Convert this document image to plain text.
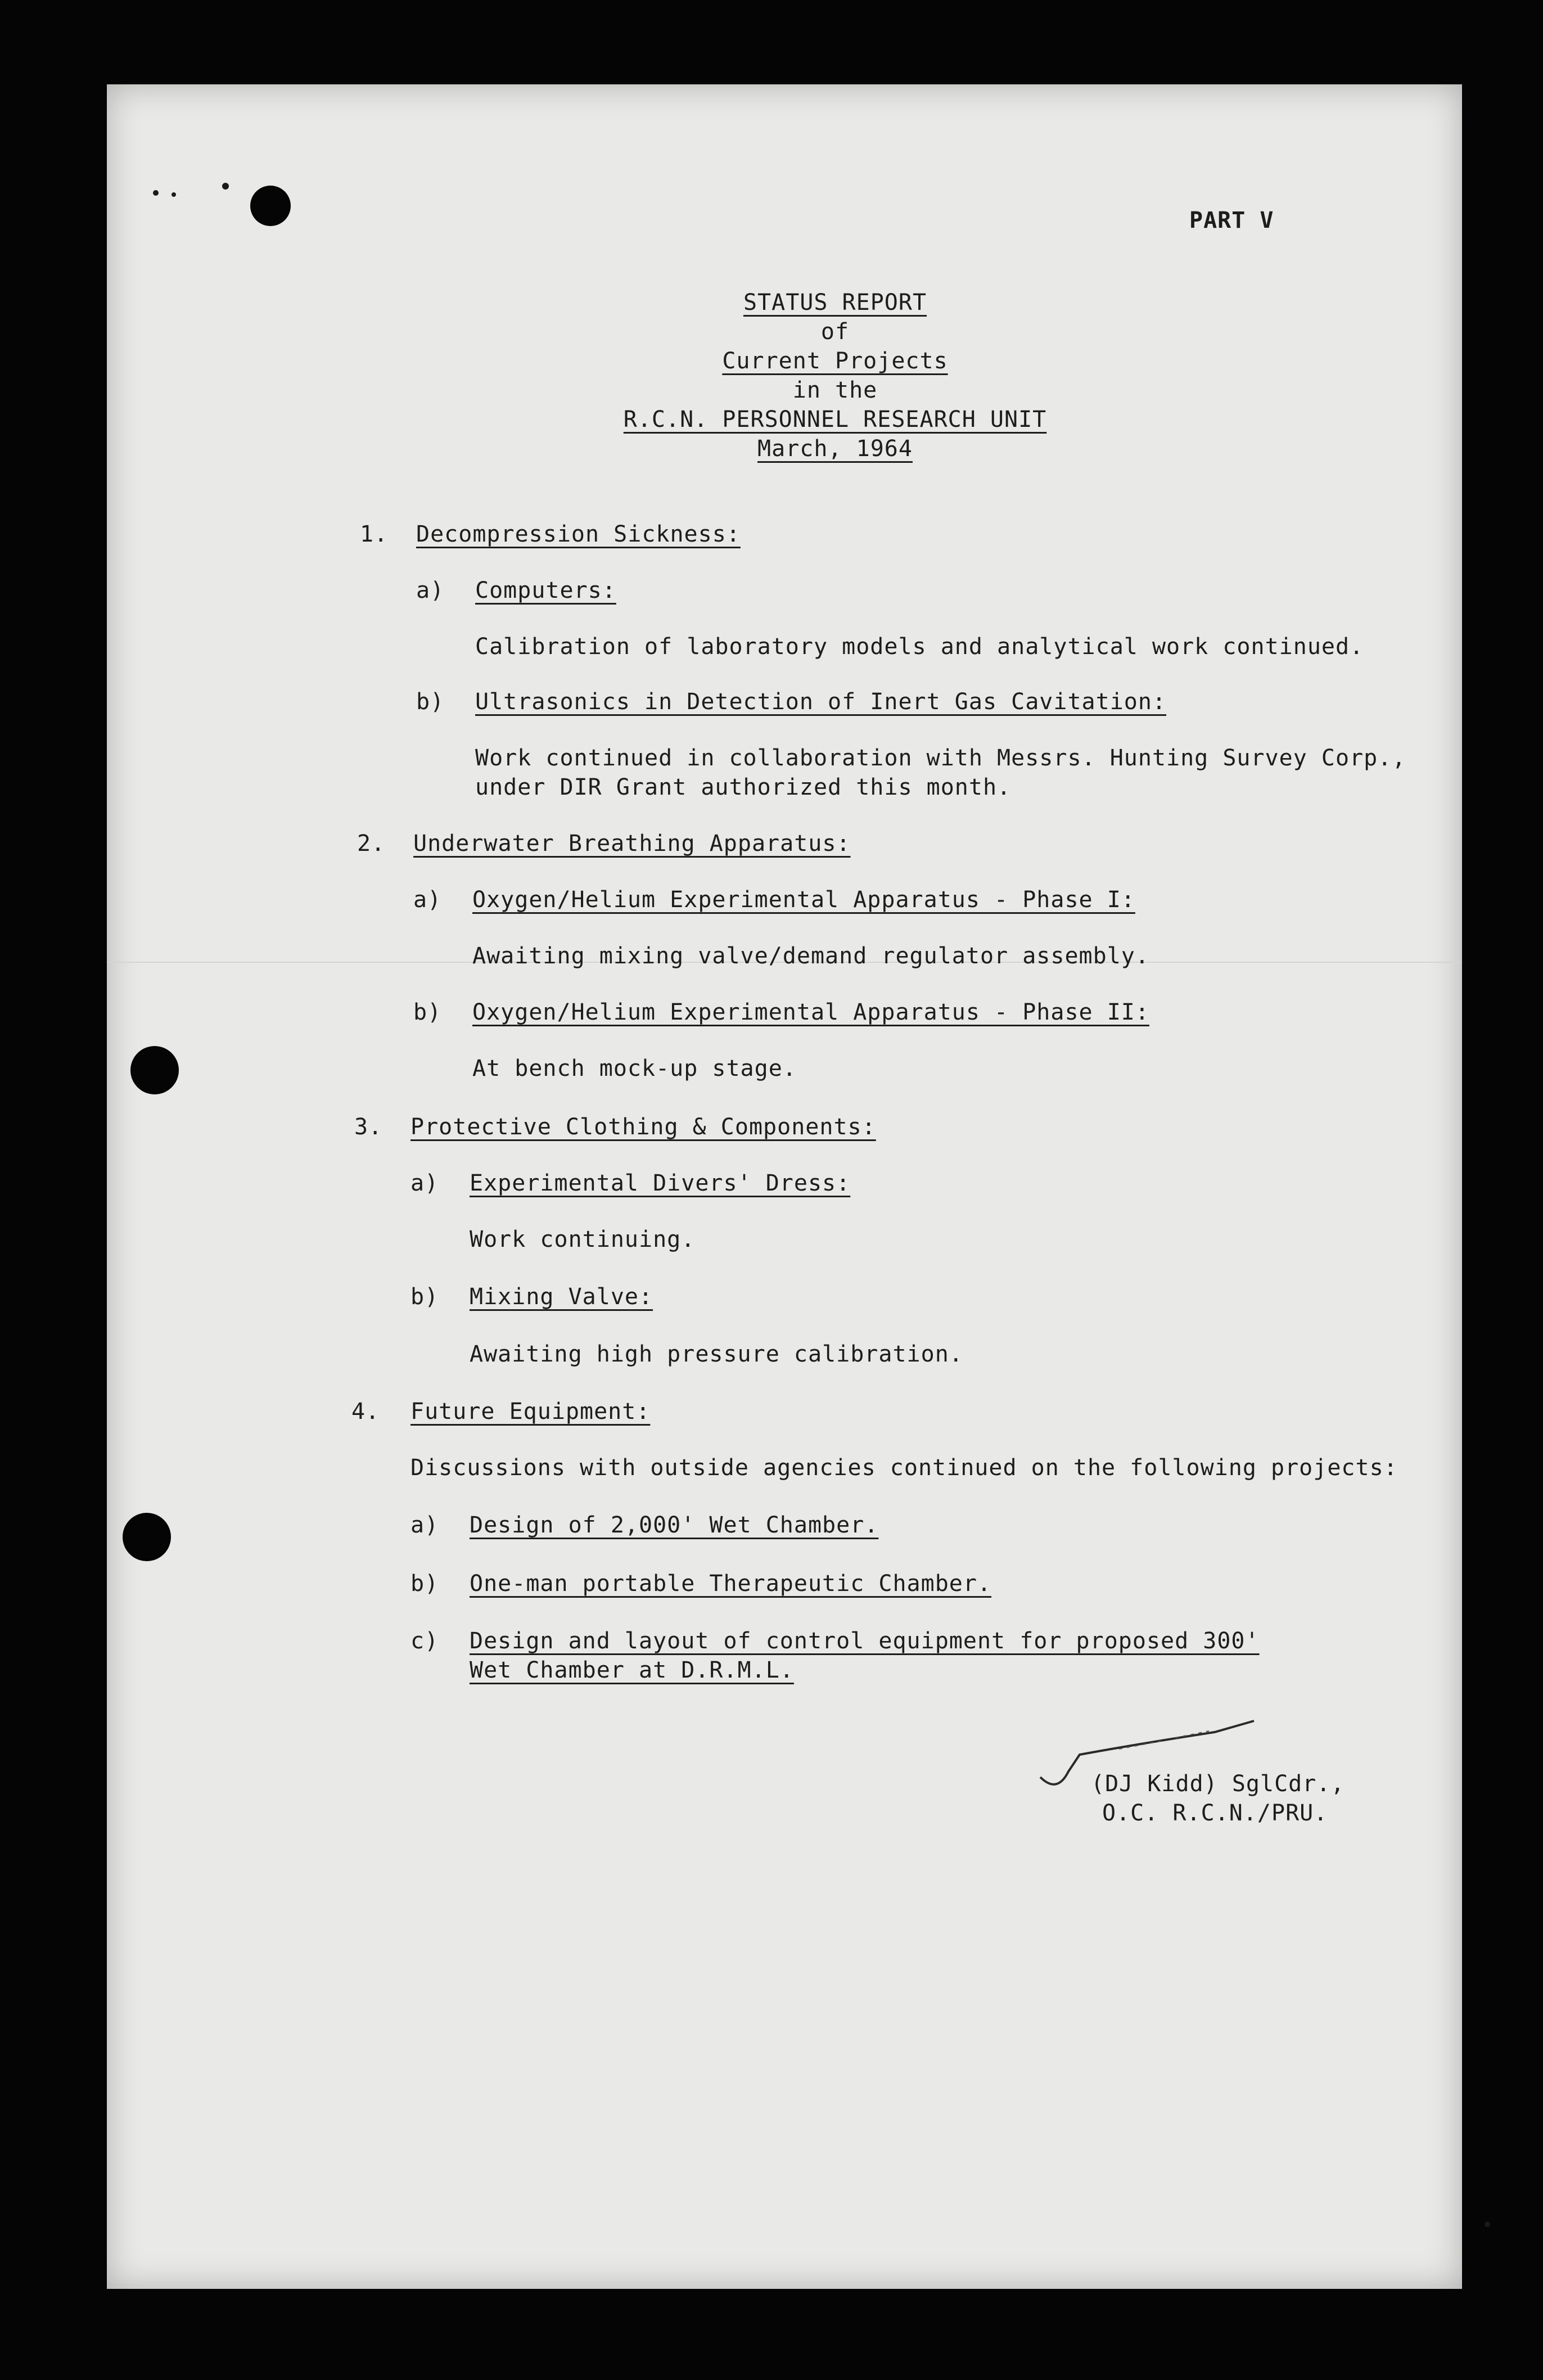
PART V

STATUS REPORT

of

Current Projects

in the

R.C.N. PERSONNEL RESEARCH UNIT

March, 1964

1. Decompression Sickness:

a) Computers:

Calibration of laboratory models and analytical work continued.

b) Ultrasonics in Detection of Inert Gas Cavitation:

Work continued in collaboration with Messrs. Hunting Survey Corp.,

under DIR Grant authorized this month.

2. Underwater Breathing Apparatus:

a) Oxygen/Helium Experimental Apparatus - Phase I:

Awaiting mixing valve/demand regulator assembly.

b) Oxygen/Helium Experimental Apparatus - Phase II:

At bench mock-up stage.

3. Protective Clothing & Components:

a) Experimental Divers' Dress:

Work continuing.

b) Mixing Valve:

Awaiting high pressure calibration.

4. Future Equipment:

Discussions with outside agencies continued on the following projects:

a) Design of 2,000' Wet Chamber.

b) One-man portable Therapeutic Chamber.

c) Design and layout of control equipment for proposed 300'

Wet Chamber at D.R.M.L.

(DJ Kidd) SglCdr.,

O.C. R.C.N./PRU.
